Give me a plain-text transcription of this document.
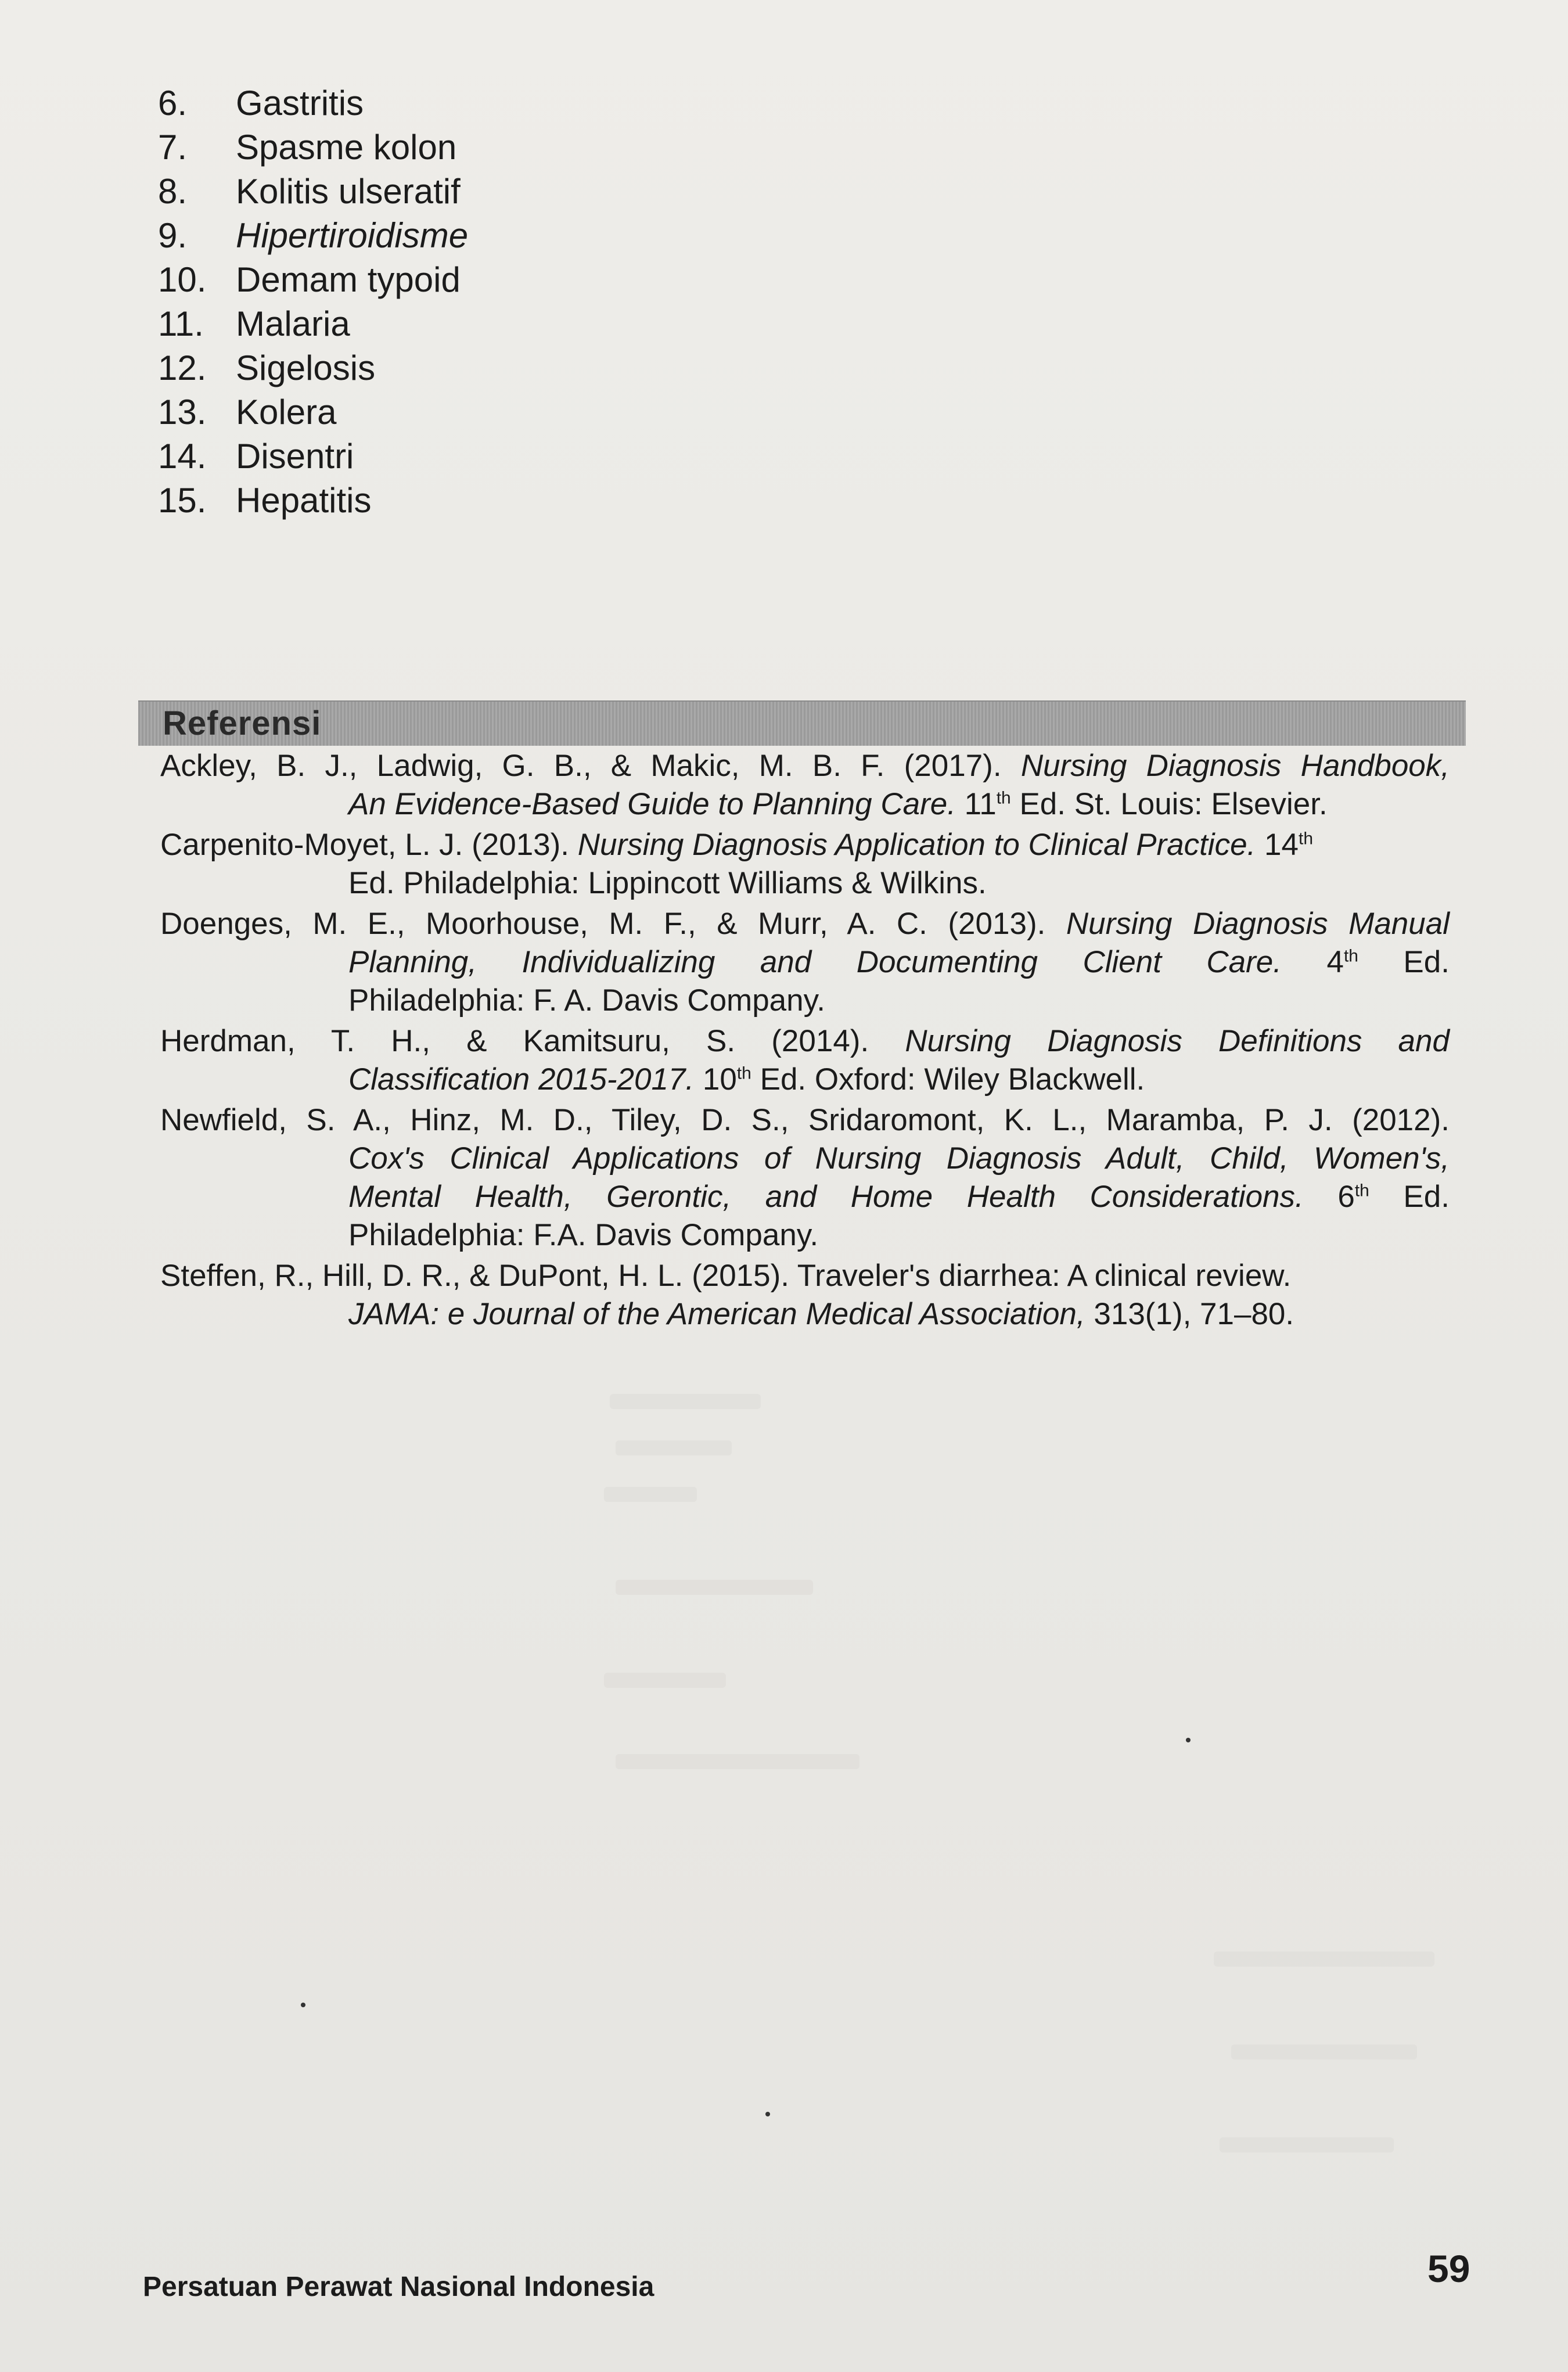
6. Gastritis
7. Spasme kolon
8. Kolitis ulseratif
9. Hipertiroidisme
10. Demam typoid
11. Malaria
12. Sigelosis
13. Kolera
14. Disentri
15. Hepatitis
Referensi
Ackley, B. J., Ladwig, G. B., & Makic, M. B. F. (2017). Nursing Diagnosis Handbook,
An Evidence-Based Guide to Planning Care. 11th Ed. St. Louis: Elsevier.
Carpenito-Moyet, L. J. (2013). Nursing Diagnosis Application to Clinical Practice. 14th
Ed. Philadelphia: Lippincott Williams & Wilkins.
Doenges, M. E., Moorhouse, M. F., & Murr, A. C. (2013). Nursing Diagnosis Manual
Planning, Individualizing and Documenting Client Care. 4th Ed.
Philadelphia: F. A. Davis Company.
Herdman, T. H., & Kamitsuru, S. (2014). Nursing Diagnosis Definitions and
Classification 2015-2017. 10th Ed. Oxford: Wiley Blackwell.
Newfield, S. A., Hinz, M. D., Tiley, D. S., Sridaromont, K. L., Maramba, P. J. (2012).
Cox's Clinical Applications of Nursing Diagnosis Adult, Child, Women's,
Mental Health, Gerontic, and Home Health Considerations. 6th Ed.
Philadelphia: F.A. Davis Company.
Steffen, R., Hill, D. R., & DuPont, H. L. (2015). Traveler's diarrhea: A clinical review.
JAMA: e Journal of the American Medical Association, 313(1), 71–80.
Persatuan Perawat Nasional Indonesia	59
